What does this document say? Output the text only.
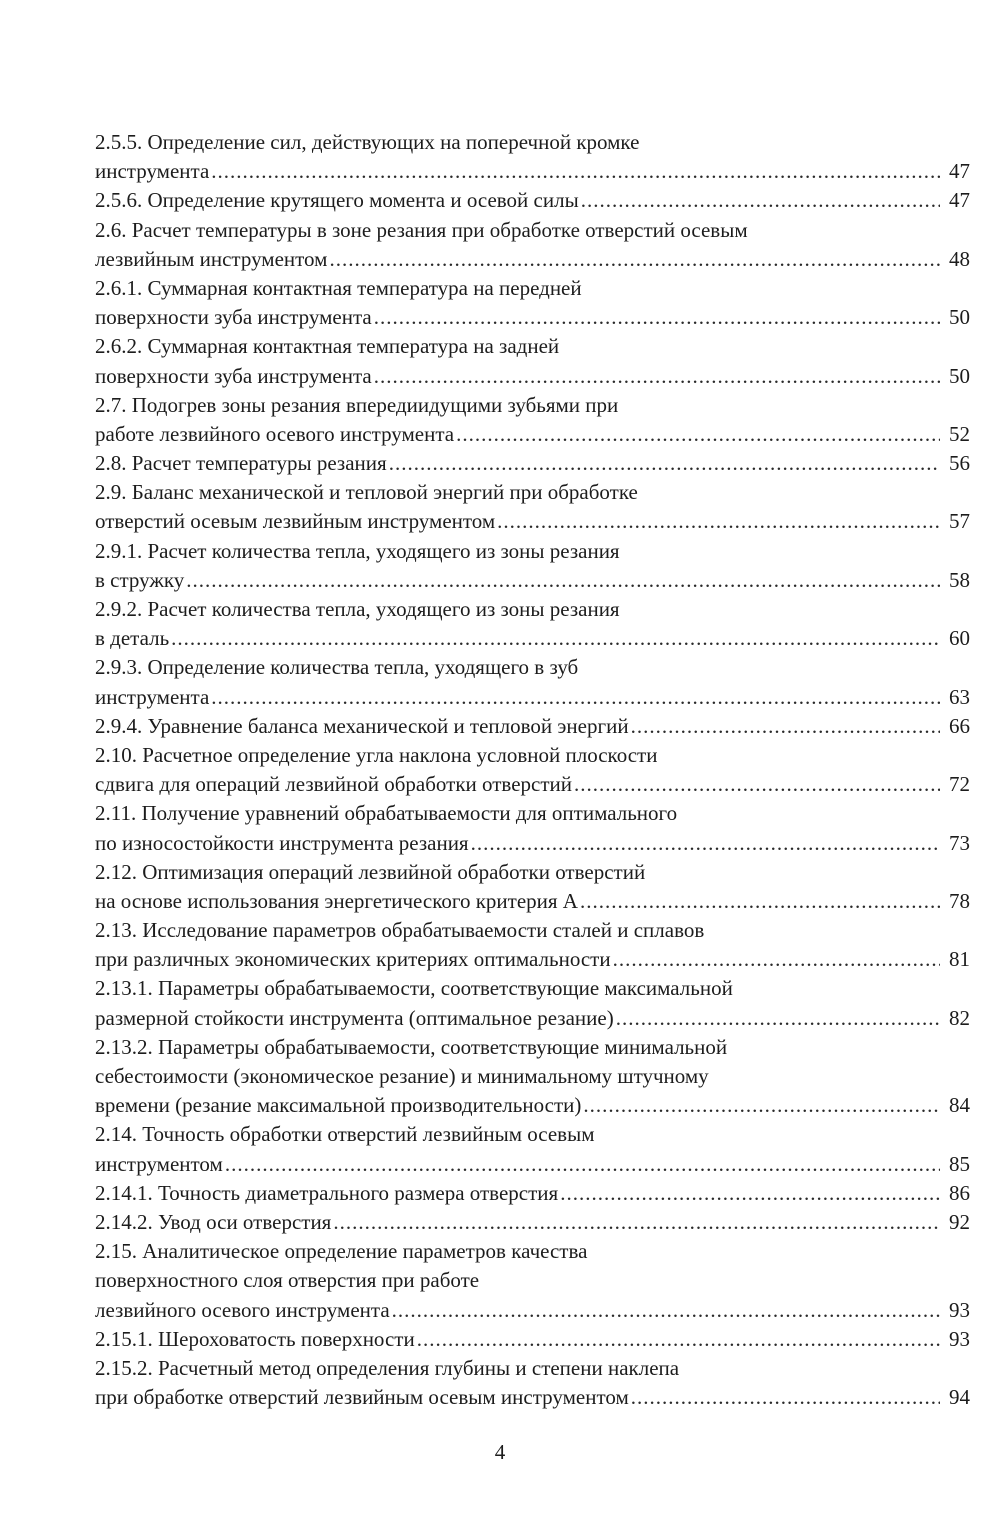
2.5.5. Определение сил, действующих на поперечной кромке
инструмента .....	47
2.5.6. Определение крутящего момента и осевой силы .....	47
2.6. Расчет температуры в зоне резания при обработке отверстий осевым
лезвийным инструментом .....	48
2.6.1. Суммарная контактная температура на передней
поверхности зуба инструмента .....	50
2.6.2. Суммарная контактная температура на задней
поверхности зуба инструмента .....	50
2.7. Подогрев зоны резания впередиидущими зубьями при
работе лезвийного осевого инструмента .....	52
2.8. Расчет температуры резания .....	56
2.9. Баланс механической и тепловой энергий при обработке
отверстий осевым лезвийным инструментом .....	57
2.9.1. Расчет количества тепла, уходящего из зоны резания
в стружку .....	58
2.9.2. Расчет количества тепла, уходящего из зоны резания
в деталь .....	60
2.9.3. Определение количества тепла, уходящего в зуб
инструмента .....	63
2.9.4. Уравнение баланса механической и тепловой энергий .....	66
2.10. Расчетное определение угла наклона условной плоскости
сдвига для операций лезвийной обработки отверстий .....	72
2.11. Получение уравнений обрабатываемости для оптимального
по износостойкости инструмента резания .....	73
2.12. Оптимизация операций лезвийной обработки отверстий
на основе использования энергетического критерия А .....	78
2.13. Исследование параметров обрабатываемости сталей и сплавов
при различных экономических критериях оптимальности .....	81
2.13.1. Параметры обрабатываемости, соответствующие максимальной
размерной стойкости инструмента (оптимальное резание) .....	82
2.13.2. Параметры обрабатываемости, соответствующие минимальной
себестоимости (экономическое резание) и минимальному штучному
времени (резание максимальной производительности) .....	84
2.14. Точность обработки отверстий лезвийным осевым
инструментом .....	85
2.14.1. Точность диаметрального размера отверстия .....	86
2.14.2. Увод оси отверстия .....	92
2.15. Аналитическое определение параметров качества
поверхностного слоя отверстия при работе
лезвийного осевого инструмента .....	93
2.15.1. Шероховатость поверхности .....	93
2.15.2. Расчетный метод определения глубины и степени наклепа
при обработке отверстий лезвийным осевым инструментом .....	94
4
